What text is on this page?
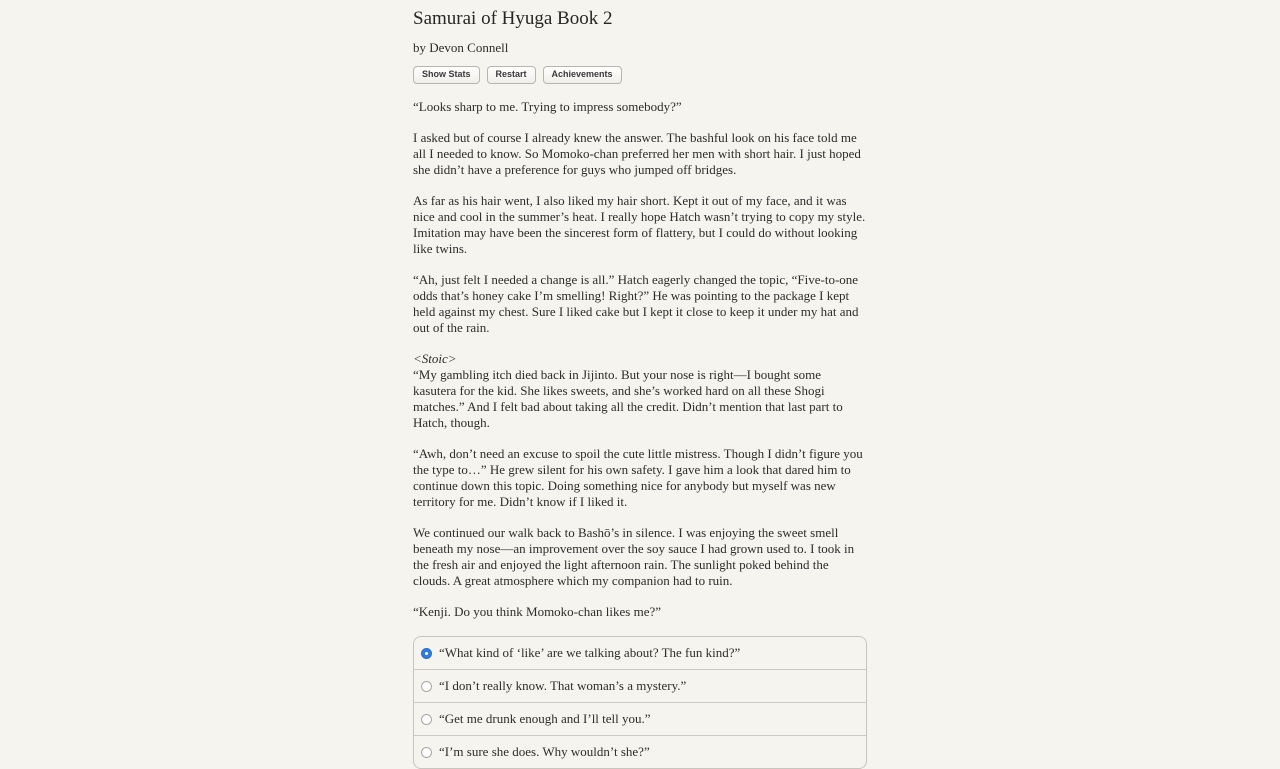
Samurai of Hyuga Book 2
by Devon Connell
Show Stats	Restart	Achievements

“Looks sharp to me. Trying to impress somebody?”

I asked but of course I already knew the answer. The bashful look on his face told me all I needed to know. So Momoko-chan preferred her men with short hair. I just hoped she didn’t have a preference for guys who jumped off bridges.

As far as his hair went, I also liked my hair short. Kept it out of my face, and it was nice and cool in the summer’s heat. I really hope Hatch wasn’t trying to copy my style. Imitation may have been the sincerest form of flattery, but I could do without looking like twins.

“Ah, just felt I needed a change is all.” Hatch eagerly changed the topic, “Five-to-one odds that’s honey cake I’m smelling! Right?” He was pointing to the package I kept held against my chest. Sure I liked cake but I kept it close to keep it under my hat and out of the rain.

<Stoic>
“My gambling itch died back in Jijinto. But your nose is right—I bought some kasutera for the kid. She likes sweets, and she’s worked hard on all these Shogi matches.” And I felt bad about taking all the credit. Didn’t mention that last part to Hatch, though.

“Awh, don’t need an excuse to spoil the cute little mistress. Though I didn’t figure you the type to…” He grew silent for his own safety. I gave him a look that dared him to continue down this topic. Doing something nice for anybody but myself was new territory for me. Didn’t know if I liked it.

We continued our walk back to Bashō’s in silence. I was enjoying the sweet smell beneath my nose—an improvement over the soy sauce I had grown used to. I took in the fresh air and enjoyed the light afternoon rain. The sunlight poked behind the clouds. A great atmosphere which my companion had to ruin.

“Kenji. Do you think Momoko-chan likes me?”

“What kind of ‘like’ are we talking about? The fun kind?”
“I don’t really know. That woman’s a mystery.”
“Get me drunk enough and I’ll tell you.”
“I’m sure she does. Why wouldn’t she?”
